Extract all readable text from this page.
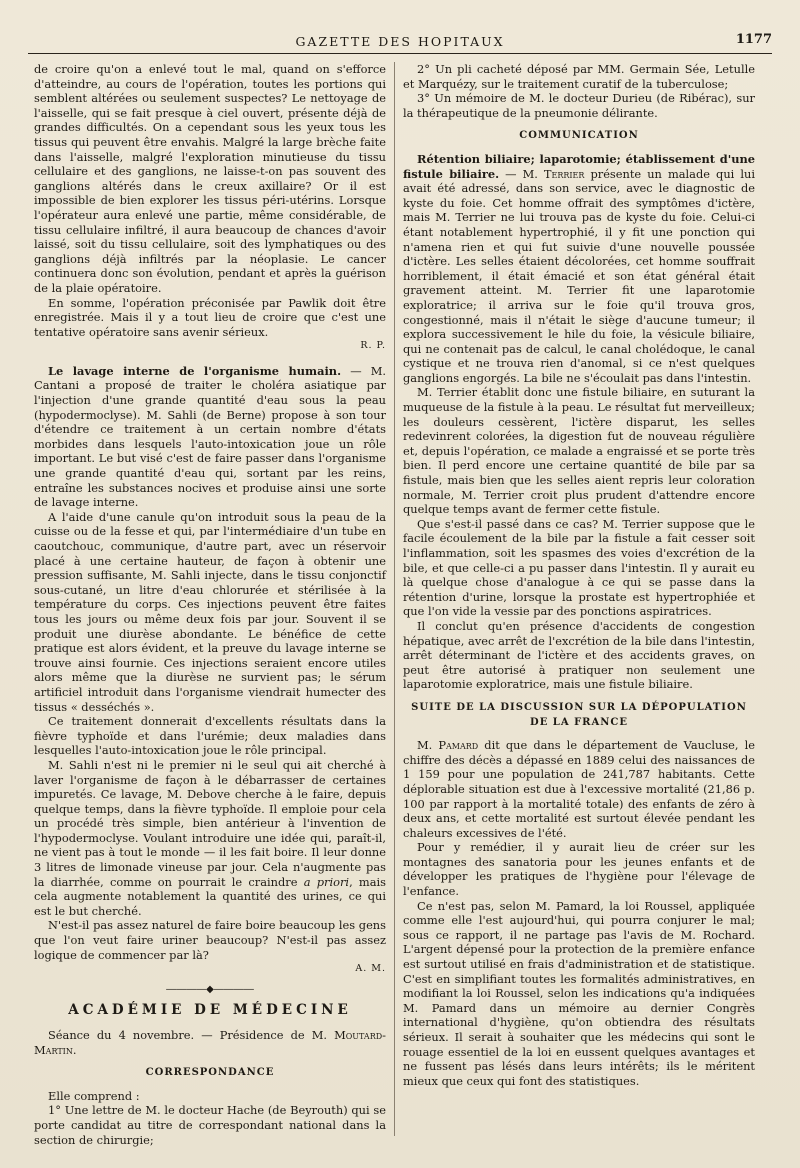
GAZETTE DES HOPITAUX	1177

de croire qu'on a enlevé tout le mal, quand on s'efforce d'atteindre, au cours de l'opération, toutes les portions qui semblent altérées ou seulement suspectes? Le nettoyage de l'aisselle, qui se fait presque à ciel ouvert, présente déjà de grandes difficultés. On a cependant sous les yeux tous les tissus qui peuvent être envahis. Malgré la large brèche faite dans l'aisselle, malgré l'exploration minutieuse du tissu cellulaire et des ganglions, ne laisse-t-on pas souvent des ganglions altérés dans le creux axillaire? Or il est impossible de bien explorer les tissus péri-utérins. Lorsque l'opérateur aura enlevé une partie, même considérable, de tissu cellulaire infiltré, il aura beaucoup de chances d'avoir laissé, soit du tissu cellulaire, soit des lymphatiques ou des ganglions déjà infiltrés par la néoplasie. Le cancer continuera donc son évolution, pendant et après la guérison de la plaie opératoire.

En somme, l'opération préconisée par Pawlik doit être enregistrée. Mais il y a tout lieu de croire que c'est une tentative opératoire sans avenir sérieux.

R. P.

Le lavage interne de l'organisme humain. — M. Cantani a proposé de traiter le choléra asiatique par l'injection d'une grande quantité d'eau sous la peau (hypodermoclyse). M. Sahli (de Berne) propose à son tour d'étendre ce traitement à un certain nombre d'états morbides dans lesquels l'auto-intoxication joue un rôle important. Le but visé c'est de faire passer dans l'organisme une grande quantité d'eau qui, sortant par les reins, entraîne les substances nocives et produise ainsi une sorte de lavage interne.

A l'aide d'une canule qu'on introduit sous la peau de la cuisse ou de la fesse et qui, par l'intermédiaire d'un tube en caoutchouc, communique, d'autre part, avec un réservoir placé à une certaine hauteur, de façon à obtenir une pression suffisante, M. Sahli injecte, dans le tissu conjonctif sous-cutané, un litre d'eau chlorurée et stérilisée à la température du corps. Ces injections peuvent être faites tous les jours ou même deux fois par jour. Souvent il se produit une diurèse abondante. Le bénéfice de cette pratique est alors évident, et la preuve du lavage interne se trouve ainsi fournie. Ces injections seraient encore utiles alors même que la diurèse ne survient pas; le sérum artificiel introduit dans l'organisme viendrait humecter des tissus « desséchés ».

Ce traitement donnerait d'excellents résultats dans la fièvre typhoïde et dans l'urémie; deux maladies dans lesquelles l'auto-intoxication joue le rôle principal.

M. Sahli n'est ni le premier ni le seul qui ait cherché à laver l'organisme de façon à le débarrasser de certaines impuretés. Ce lavage, M. Debove cherche à le faire, depuis quelque temps, dans la fièvre typhoïde. Il emploie pour cela un procédé très simple, bien antérieur à l'invention de l'hypodermoclyse. Voulant introduire une idée qui, paraît-il, ne vient pas à tout le monde — il les fait boire. Il leur donne 3 litres de limonade vineuse par jour. Cela n'augmente pas la diarrhée, comme on pourrait le craindre a priori, mais cela augmente notablement la quantité des urines, ce qui est le but cherché.

N'est-il pas assez naturel de faire boire beaucoup les gens que l'on veut faire uriner beaucoup? N'est-il pas assez logique de commencer par là?

A. M.
――――◆――――
ACADÉMIE DE MÉDECINE

Séance du 4 novembre. — Présidence de M. Moutard-Martin.

CORRESPONDANCE

Elle comprend :

1° Une lettre de M. le docteur Hache (de Beyrouth) qui se porte candidat au titre de correspondant national dans la section de chirurgie;

2° Un pli cacheté déposé par MM. Germain Sée, Letulle et Marquézy, sur le traitement curatif de la tuberculose;

3° Un mémoire de M. le docteur Durieu (de Ribérac), sur la thérapeutique de la pneumonie délirante.

COMMUNICATION

Rétention biliaire; laparotomie; établissement d'une fistule biliaire. — M. Terrier présente un malade qui lui avait été adressé, dans son service, avec le diagnostic de kyste du foie. Cet homme offrait des symptômes d'ictère, mais M. Terrier ne lui trouva pas de kyste du foie. Celui-ci étant notablement hypertrophié, il y fit une ponction qui n'amena rien et qui fut suivie d'une nouvelle poussée d'ictère. Les selles étaient décolorées, cet homme souffrait horriblement, il était émacié et son état général était gravement atteint. M. Terrier fit une laparotomie exploratrice; il arriva sur le foie qu'il trouva gros, congestionné, mais il n'était le siège d'aucune tumeur; il explora successivement le hile du foie, la vésicule biliaire, qui ne contenait pas de calcul, le canal cholédoque, le canal cystique et ne trouva rien d'anomal, si ce n'est quelques ganglions engorgés. La bile ne s'écoulait pas dans l'intestin.

M. Terrier établit donc une fistule biliaire, en suturant la muqueuse de la fistule à la peau. Le résultat fut merveilleux; les douleurs cessèrent, l'ictère disparut, les selles redevinrent colorées, la digestion fut de nouveau régulière et, depuis l'opération, ce malade a engraissé et se porte très bien. Il perd encore une certaine quantité de bile par sa fistule, mais bien que les selles aient repris leur coloration normale, M. Terrier croit plus prudent d'attendre encore quelque temps avant de fermer cette fistule.

Que s'est-il passé dans ce cas? M. Terrier suppose que le facile écoulement de la bile par la fistule a fait cesser soit l'inflammation, soit les spasmes des voies d'excrétion de la bile, et que celle-ci a pu passer dans l'intestin. Il y aurait eu là quelque chose d'analogue à ce qui se passe dans la rétention d'urine, lorsque la prostate est hypertrophiée et que l'on vide la vessie par des ponctions aspiratrices.

Il conclut qu'en présence d'accidents de congestion hépatique, avec arrêt de l'excrétion de la bile dans l'intestin, arrêt déterminant de l'ictère et des accidents graves, on peut être autorisé à pratiquer non seulement une laparotomie exploratrice, mais une fistule biliaire.

SUITE DE LA DISCUSSION SUR LA DÉPOPULATION
DE LA FRANCE

M. Pamard dit que dans le département de Vaucluse, le chiffre des décès a dépassé en 1889 celui des naissances de 1 159 pour une population de 241,787 habitants. Cette déplorable situation est due à l'excessive mortalité (21,86 p. 100 par rapport à la mortalité totale) des enfants de zéro à deux ans, et cette mortalité est surtout élevée pendant les chaleurs excessives de l'été.

Pour y remédier, il y aurait lieu de créer sur les montagnes des sanatoria pour les jeunes enfants et de développer les pratiques de l'hygiène pour l'élevage de l'enfance.

Ce n'est pas, selon M. Pamard, la loi Roussel, appliquée comme elle l'est aujourd'hui, qui pourra conjurer le mal; sous ce rapport, il ne partage pas l'avis de M. Rochard. L'argent dépensé pour la protection de la première enfance est surtout utilisé en frais d'administration et de statistique. C'est en simplifiant toutes les formalités administratives, en modifiant la loi Roussel, selon les indications qu'a indiquées M. Pamard dans un mémoire au dernier Congrès international d'hygiène, qu'on obtiendra des résultats sérieux. Il serait à souhaiter que les médecins qui sont le rouage essentiel de la loi en eussent quelques avantages et ne fussent pas lésés dans leurs intérêts; ils le méritent mieux que ceux qui font des statistiques.
